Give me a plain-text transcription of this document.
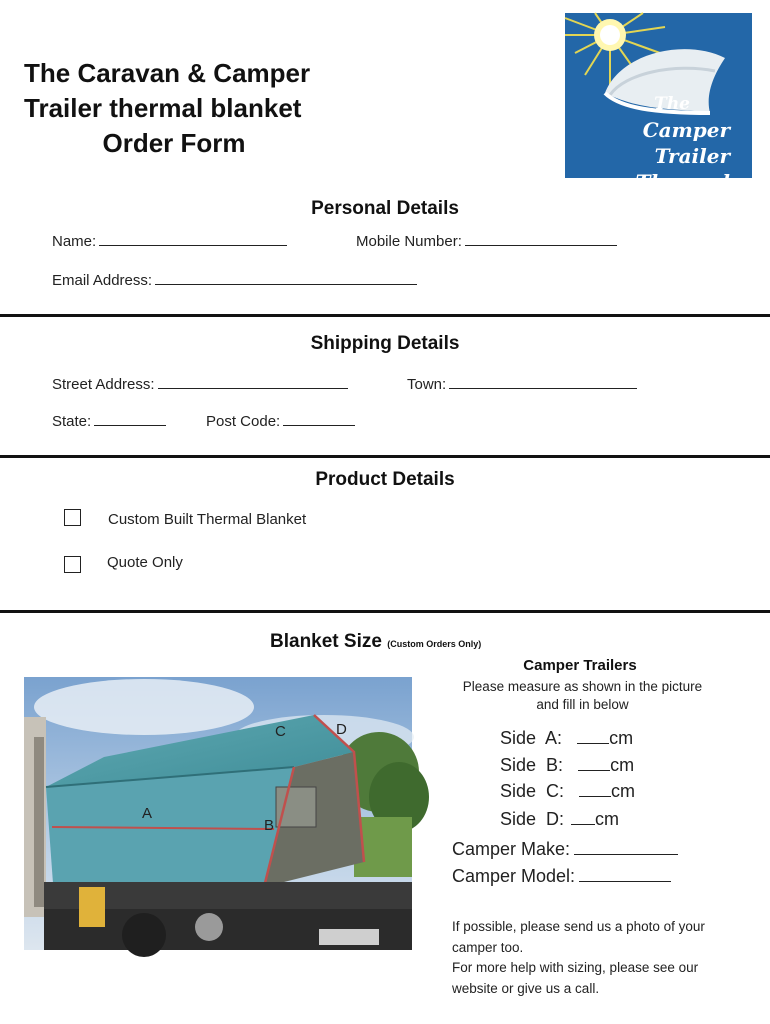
The Caravan & Camper
Trailer thermal blanket
Order Form
The
Camper Trailer
Thermal Blanket™
Personal Details
Name:	Mobile Number:
Email Address:
Shipping Details
Street Address:	Town:
State:	Post Code:
Product Details
Custom Built Thermal Blanket
Quote Only
Blanket Size (Custom Orders Only)
A
B
C	D
Camper Trailers
Please measure as shown in the picture
and fill in below
Side  A:	cm
Side  B:	cm
Side  C:	cm
Side  D: cm
Camper Make:
Camper Model:
If possible, please send us a photo of your
camper too.
For more help with sizing, please see our
website or give us a call.
